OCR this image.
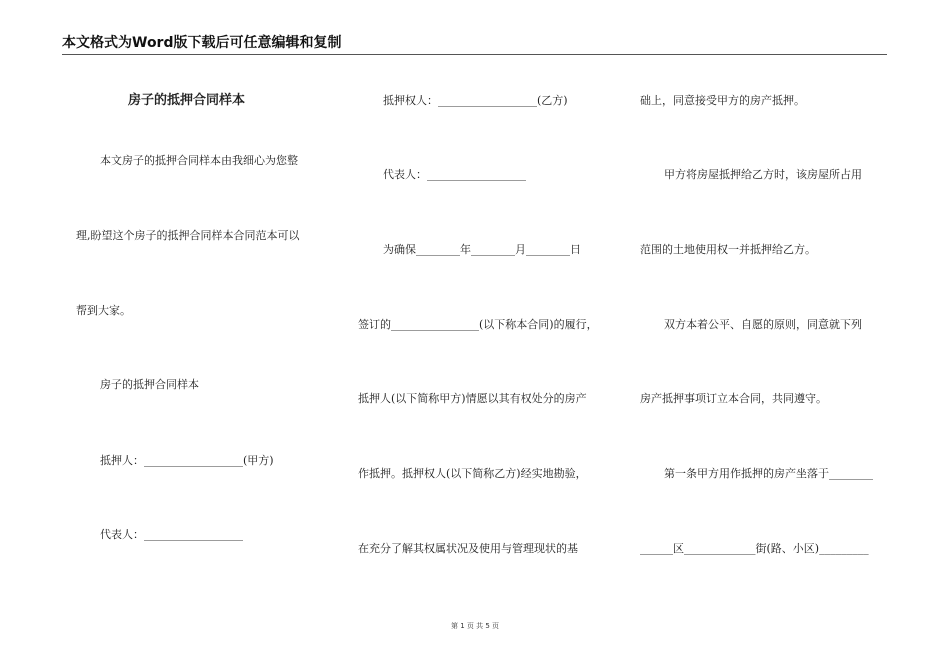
本文格式为Word版下载后可任意编辑和复制
房子的抵押合同样本
本文房子的抵押合同样本由我细心为您整
理,盼望这个房子的抵押合同样本合同范本可以
帮到大家。
房子的抵押合同样本
抵押人：__________________(甲方)
代表人：__________________
抵押权人：__________________(乙方)
代表人：__________________
为确保________年________月________日
签订的________________(以下称本合同)的履行，
抵押人(以下简称甲方)情愿以其有权处分的房产
作抵押。抵押权人(以下简称乙方)经实地勘验，
在充分了解其权属状况及使用与管理现状的基
础上，同意接受甲方的房产抵押。
甲方将房屋抵押给乙方时，该房屋所占用
范围的土地使用权一并抵押给乙方。
双方本着公平、自愿的原则，同意就下列
房产抵押事项订立本合同，共同遵守。
第一条甲方用作抵押的房产坐落于________
______区_____________街(路、小区)_________
第 1 页 共 5 页
